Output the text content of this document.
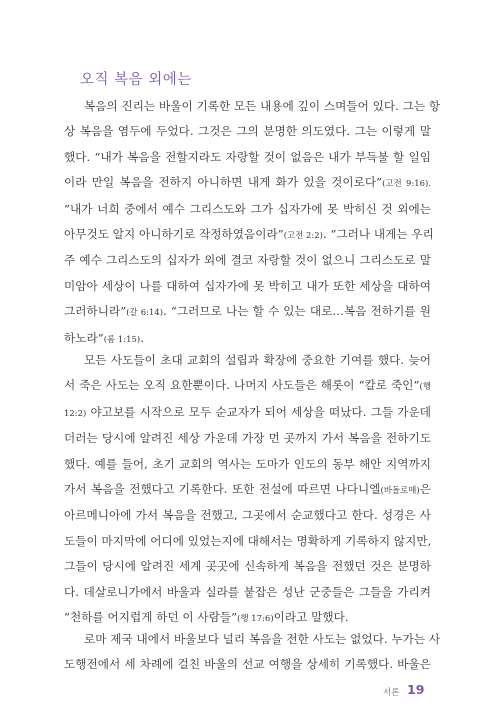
오직 복음 외에는
복음의 진리는 바울이 기록한 모든 내용에 깊이 스며들어 있다. 그는 항
상 복음을 염두에 두었다. 그것은 그의 분명한 의도였다. 그는 이렇게 말
했다. “내가 복음을 전할지라도 자랑할 것이 없음은 내가 부득불 할 일임
이라 만일 복음을 전하지 아니하면 내게 화가 있을 것이로다”(고전 9:16).
“내가 너희 중에서 예수 그리스도와 그가 십자가에 못 박히신 것 외에는
아무것도 알지 아니하기로 작정하였음이라”(고전 2:2). “그러나 내게는 우리
주 예수 그리스도의 십자가 외에 결코 자랑할 것이 없으니 그리스도로 말
미암아 세상이 나를 대하여 십자가에 못 박히고 내가 또한 세상을 대하여
그러하니라”(갈 6:14). “그러므로 나는 할 수 있는 대로…복음 전하기를 원
하노라”(롬 1:15).
모든 사도들이 초대 교회의 설립과 확장에 중요한 기여를 했다. 늦어
서 죽은 사도는 오직 요한뿐이다. 나머지 사도들은 해롯이 “칼로 죽인”(행
12:2) 야고보를 시작으로 모두 순교자가 되어 세상을 떠났다. 그들 가운데
더러는 당시에 알려진 세상 가운데 가장 먼 곳까지 가서 복음을 전하기도
했다. 예를 들어, 초기 교회의 역사는 도마가 인도의 동부 해안 지역까지
가서 복음을 전했다고 기록한다. 또한 전설에 따르면 나다니엘(바돌로매)은
아르메니아에 가서 복음을 전했고, 그곳에서 순교했다고 한다. 성경은 사
도들이 마지막에 어디에 있었는지에 대해서는 명확하게 기록하지 않지만,
그들이 당시에 알려진 세계 곳곳에 신속하게 복음을 전했던 것은 분명하
다. 데살로니가에서 바울과 실라를 붙잡은 성난 군중들은 그들을 가리켜
“천하를 어지럽게 하던 이 사람들”(행 17:6)이라고 말했다.
로마 제국 내에서 바울보다 널리 복음을 전한 사도는 없었다. 누가는 사
도행전에서 세 차례에 걸친 바울의 선교 여행을 상세히 기록했다. 바울은
서론 19
